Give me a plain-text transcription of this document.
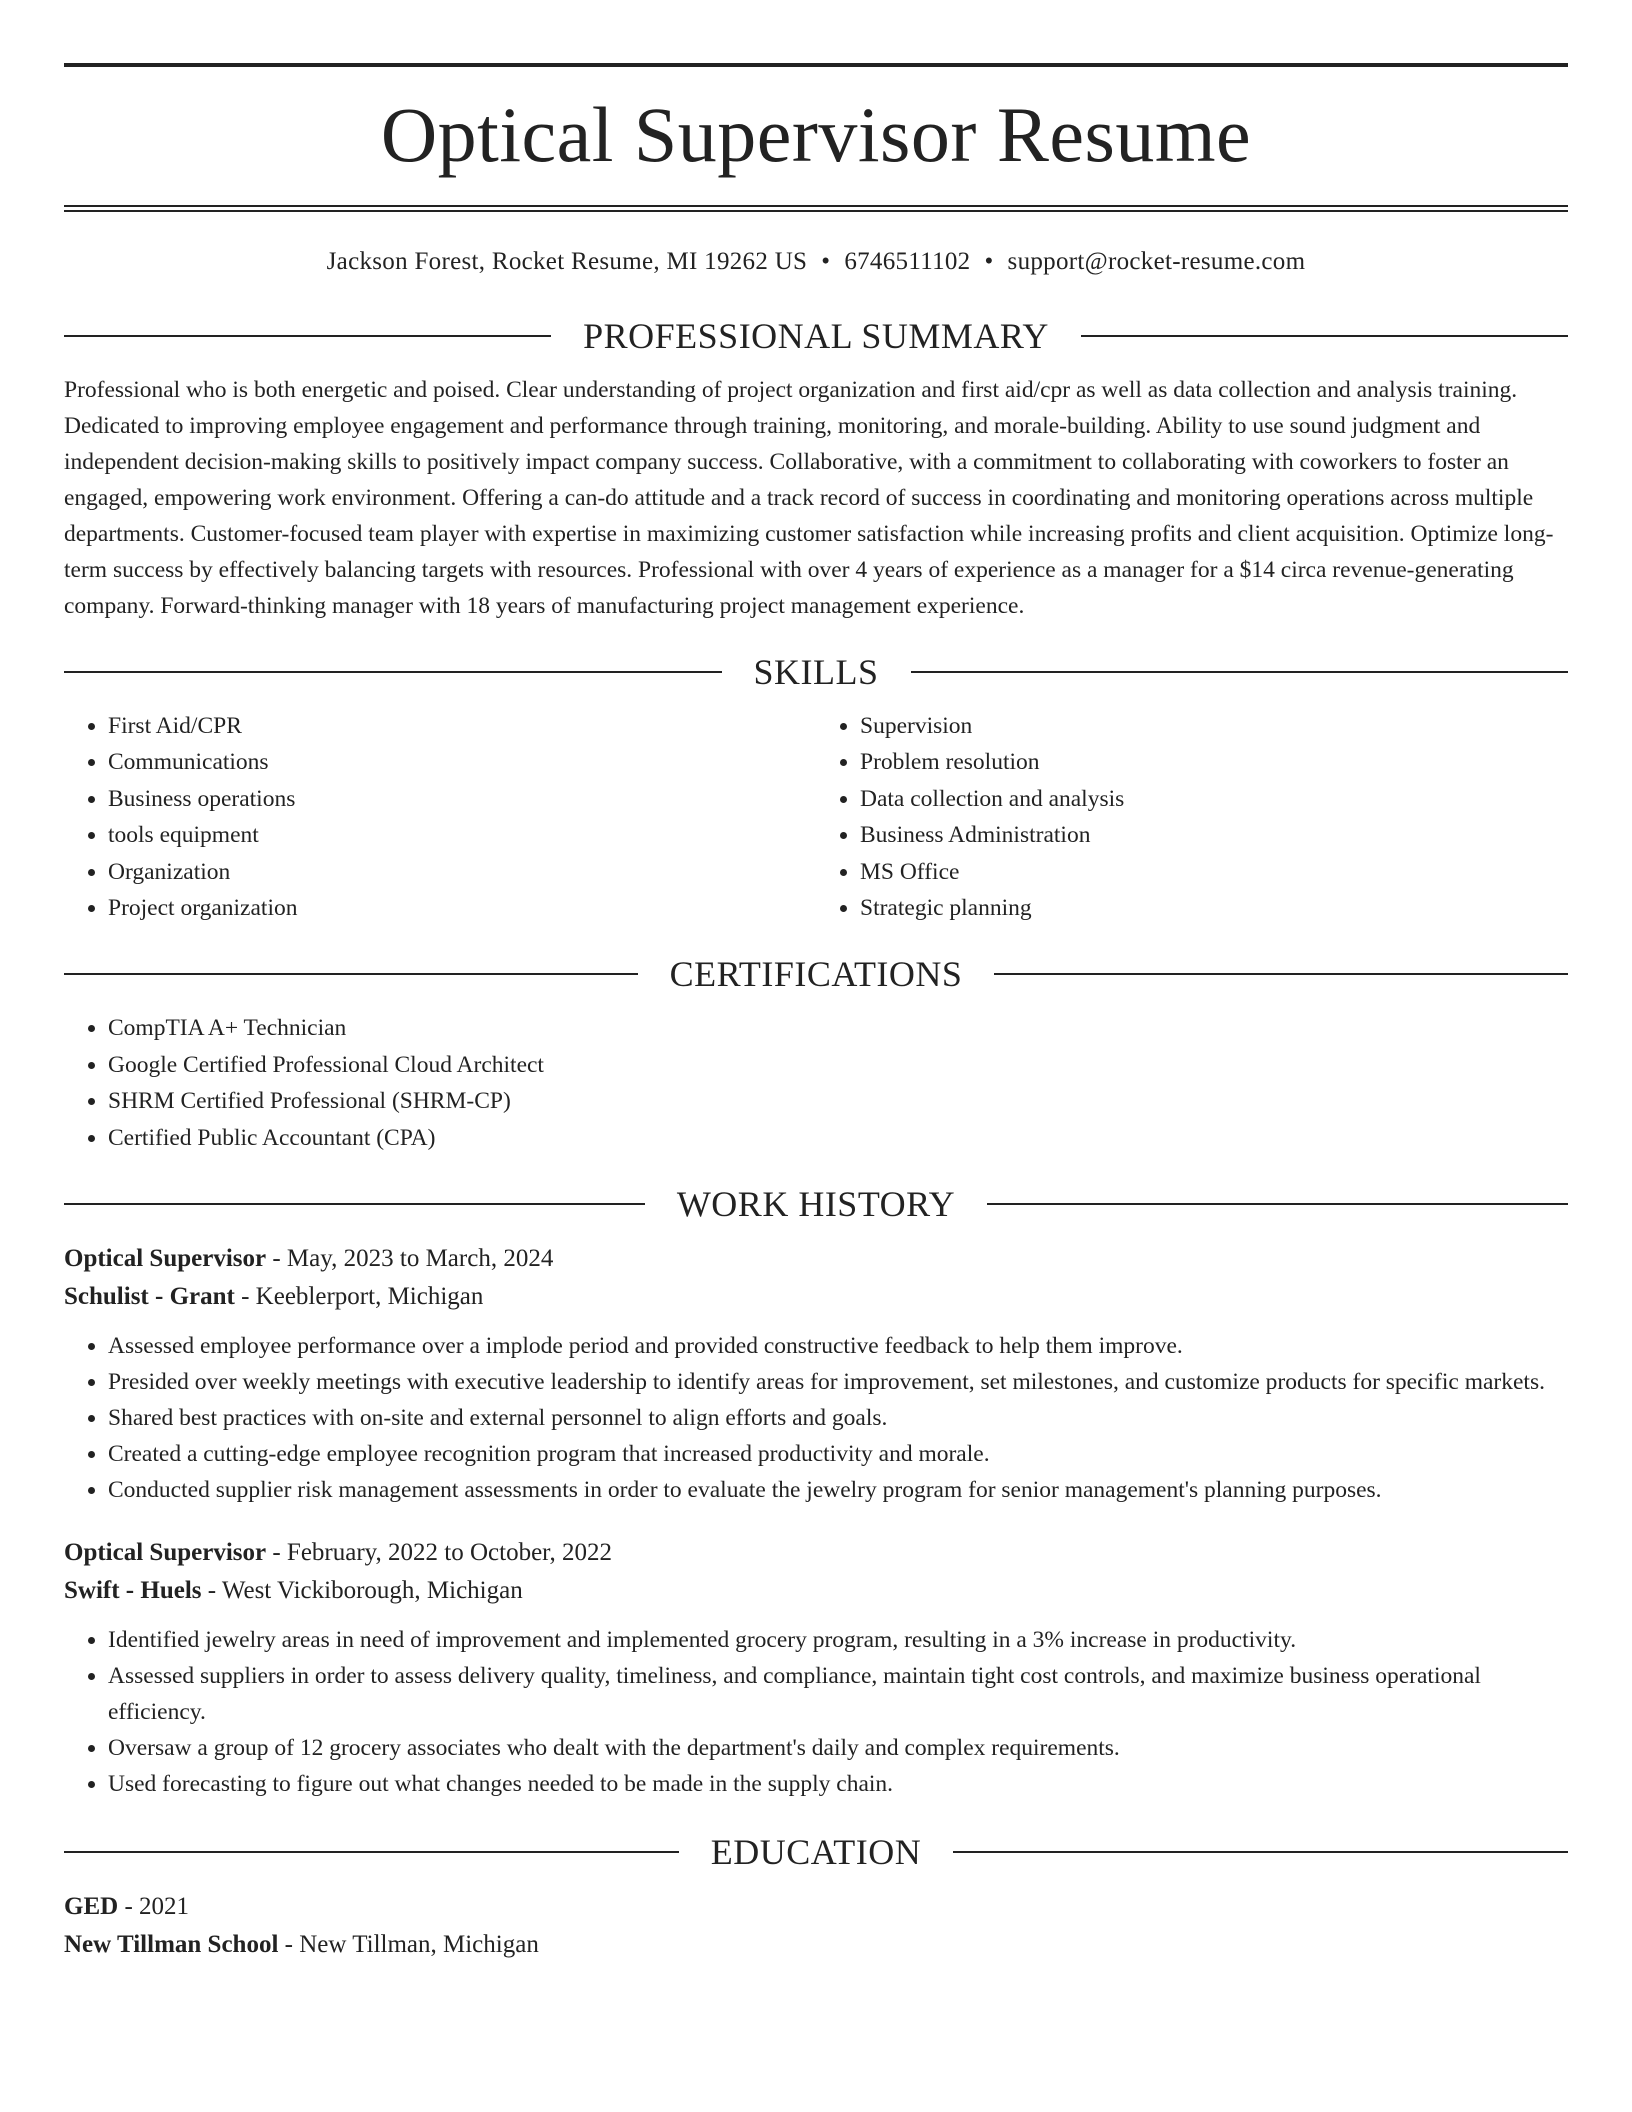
Optical Supervisor Resume
Jackson Forest, Rocket Resume, MI 19262 US • 6746511102 • support@rocket-resume.com
PROFESSIONAL SUMMARY

Professional who is both energetic and poised. Clear understanding of project organization and first aid/cpr as well as data collection and analysis training. Dedicated to improving employee engagement and performance through training, monitoring, and morale-building. Ability to use sound judgment and independent decision-making skills to positively impact company success. Collaborative, with a commitment to collaborating with coworkers to foster an engaged, empowering work environment. Offering a can-do attitude and a track record of success in coordinating and monitoring operations across multiple departments. Customer-focused team player with expertise in maximizing customer satisfaction while increasing profits and client acquisition. Optimize long-term success by effectively balancing targets with resources. Professional with over 4 years of experience as a manager for a $14 circa revenue-generating company. Forward-thinking manager with 18 years of manufacturing project management experience.

SKILLS
• First Aid/CPR
• Communications
• Business operations
• tools equipment
• Organization
• Project organization
• Supervision
• Problem resolution
• Data collection and analysis
• Business Administration
• MS Office
• Strategic planning
CERTIFICATIONS
• CompTIA A+ Technician
• Google Certified Professional Cloud Architect
• SHRM Certified Professional (SHRM-CP)
• Certified Public Accountant (CPA)
WORK HISTORY
Optical Supervisor - May, 2023 to March, 2024
Schulist - Grant - Keeblerport, Michigan
• Assessed employee performance over a implode period and provided constructive feedback to help them improve.
• Presided over weekly meetings with executive leadership to identify areas for improvement, set milestones, and customize products for specific markets.
• Shared best practices with on-site and external personnel to align efforts and goals.
• Created a cutting-edge employee recognition program that increased productivity and morale.
• Conducted supplier risk management assessments in order to evaluate the jewelry program for senior management's planning purposes.
Optical Supervisor - February, 2022 to October, 2022
Swift - Huels - West Vickiborough, Michigan
• Identified jewelry areas in need of improvement and implemented grocery program, resulting in a 3% increase in productivity.
• Assessed suppliers in order to assess delivery quality, timeliness, and compliance, maintain tight cost controls, and maximize business operational efficiency.
• Oversaw a group of 12 grocery associates who dealt with the department's daily and complex requirements.
• Used forecasting to figure out what changes needed to be made in the supply chain.
EDUCATION
GED - 2021
New Tillman School - New Tillman, Michigan
